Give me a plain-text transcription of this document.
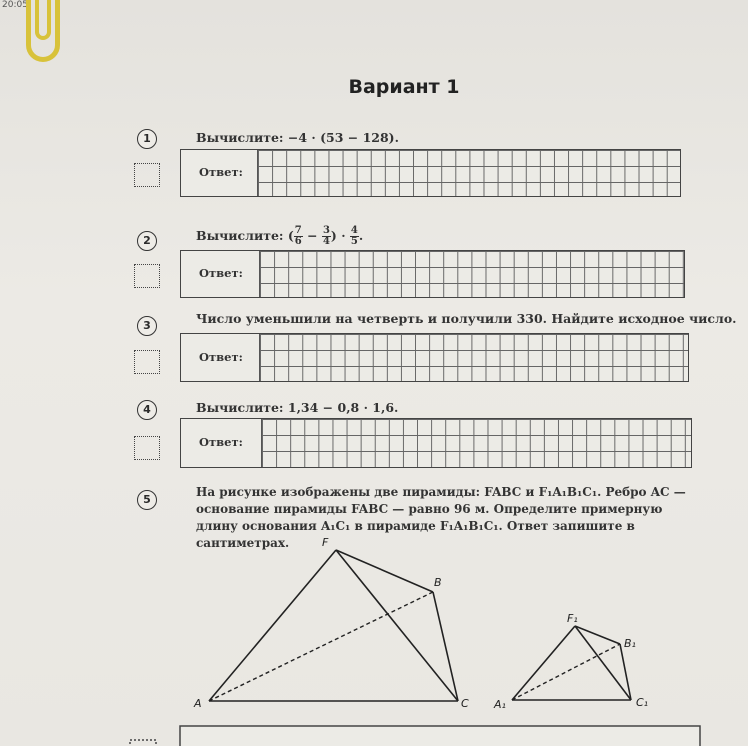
20:05
Вариант 1
1	Вычислите: −4 · (53 − 128).
Ответ:
2	Вычислите: ( $\frac{7}{6} - \frac{3}{4}$ ) · $\frac{4}{5}$ .
Ответ:
3	Число уменьшили на четверть и получили 330. Найдите исходное число.
Ответ:
4	Вычислите: 1,34 − 0,8 · 1,6.
Ответ:
5
На рисунке изображены две пирамиды: FABC и F₁A₁B₁C₁. Ребро AC — основание пирамиды FABC — равно 96 м. Определите примерную длину основания A₁C₁ в пирамиде F₁A₁B₁C₁. Ответ запишите в сантиметрах.	F
A
B
C
F₁
A₁
B₁
C₁
